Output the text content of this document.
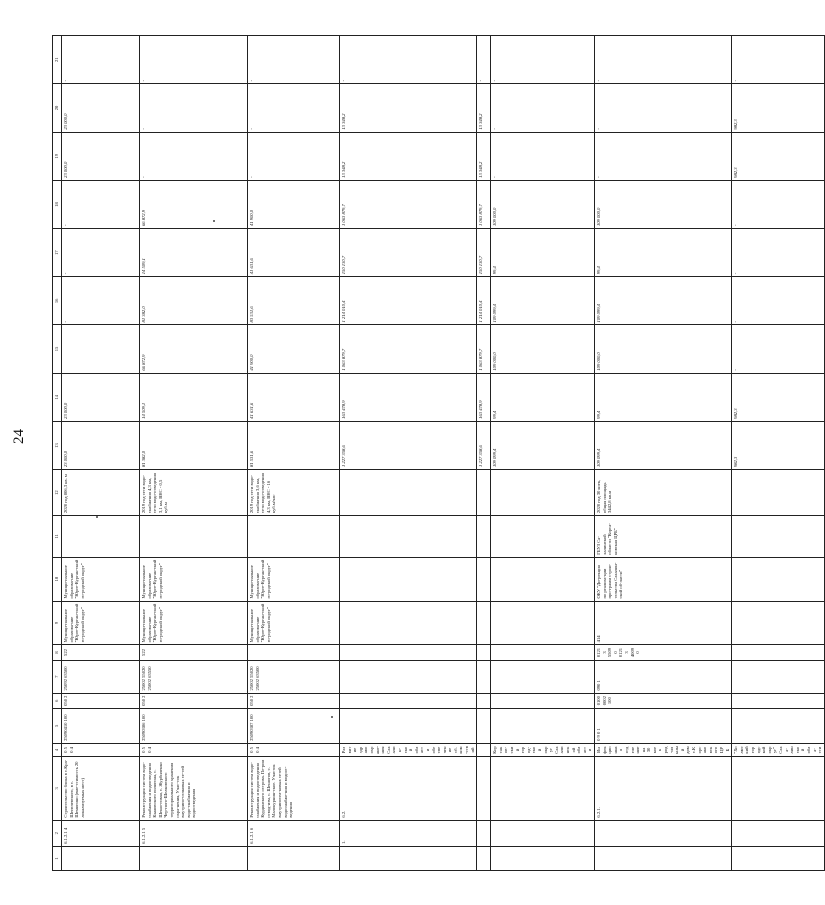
24
1	2	3	4	5	6	7	8	9	10	11	12	13	14	15	16	17	18	19	20	21
	6.1.2.1 4	Строительство блока в с.Кра-Шепелевского, в с. Шемигино (вме-стимость 20 локализуемых мест)	0 5 0 4	25090410 100	050 2	25092 63500	522	Муници-пальное образова-ние "Юрге-Курган-ский го-родской округ"	Муници-пальное образова-ние "Юрге-Курган-ский го-родской округ"		2020 год 806,3 кв. м	23 000,0	23 000,0		-	-	-	23 000,0	23 000,0	-
	6.1.2.1 5	Реконструкция систем водо-снабжения и водоотведения Кыновского полигона, с. Шешо-говая, с. Журбиленко Чер-пого-Шелковского территориального хранения охра-нения, Учас-ток внутрипо-селковых се-тей водо-снабжения и водоотведения	0 5 0 4	25090386 100	050 2	25002 55020 25002 63550	522	Муници-пальное образова-ние "Юрге-Курган-ский го-родской округ"	Муници-пальное образова-ние "Юрге-Курган-ский го-родской округ"		2019 год сети водо-снабжения 4,3 км, сети водо-отведения 3,1 км, ВНС - 0,5 куб.м	81 382,0	14 509,1	66 872,9	81 382,0	14 509,1	66 872,9	-	-	-
	6.1.2.1 6	Реконструкция систем водо-снабжения и водоотведения Курдинского острова. Пе-ром отвод-изм, с. Шешогов, с. Малокурнин-ское. Участок внутрипосел-ковых сетей водоснабже-ния и водоот-ведения	0 5 0 4	25090387 100	050 2	25002 55020 25002 63500		Муници-пальное образова-ние "Юрге-Курган-ский го-родской округ"	Муници-пальное образова-ние "Юрге-Курган-ский го-родской округ"		2019 год сети водо-снабжения 3,6 км, сети водо-отведения 4,3 км, ВНС - 16 куб.м/час	81 531,6	41 631,6	41 900,0	83 531,6	41 631,6	41 900,0	-	-	-
	1.	6.2.	Развитие здравоохране-ния Сахалин-ской области обеспечение сб. ком-ствий									1 227 358,6	163 478,9	1 063 879,7	1 214 010,4	150 130,7	1 063 879,7	13 348,2	13 348,2	-
												1 227 358,6	163 478,9	1 063 879,7	1 214 010,4	150 130,7	1 063 879,7	13 348,2	13 348,2	-
			Корсаков-ский город-ской округ Сахалинской области									109 099,4	99,4	109 000,0	109 099,4	99,4	109 000,0	-	-	-
		6.2.1.	Инфекционная отделение на 30 коек род-ильный дом с.Корсаковского ЦРБ	0 9 0 1	01000002 100	090 1	01213 55090 01213 40090	414	ОКУ "Ди-рекция по реализа-ции про-грамм строи-тельства Сахалин-ской об-ласти"	ГБУЗ Са-халинской области "Корса-ковская ЦРБ"	2020 год 30 коек, общая площадь 3442,8 кв.м	109 099,4	99,4	109 000,0	109 099,4	99,4	109 000,0	-	-	-
			"Холмский городской округ" Саха-линской обла-сти									982,3	982,3	-	-	-	-	982,3	982,3	-
